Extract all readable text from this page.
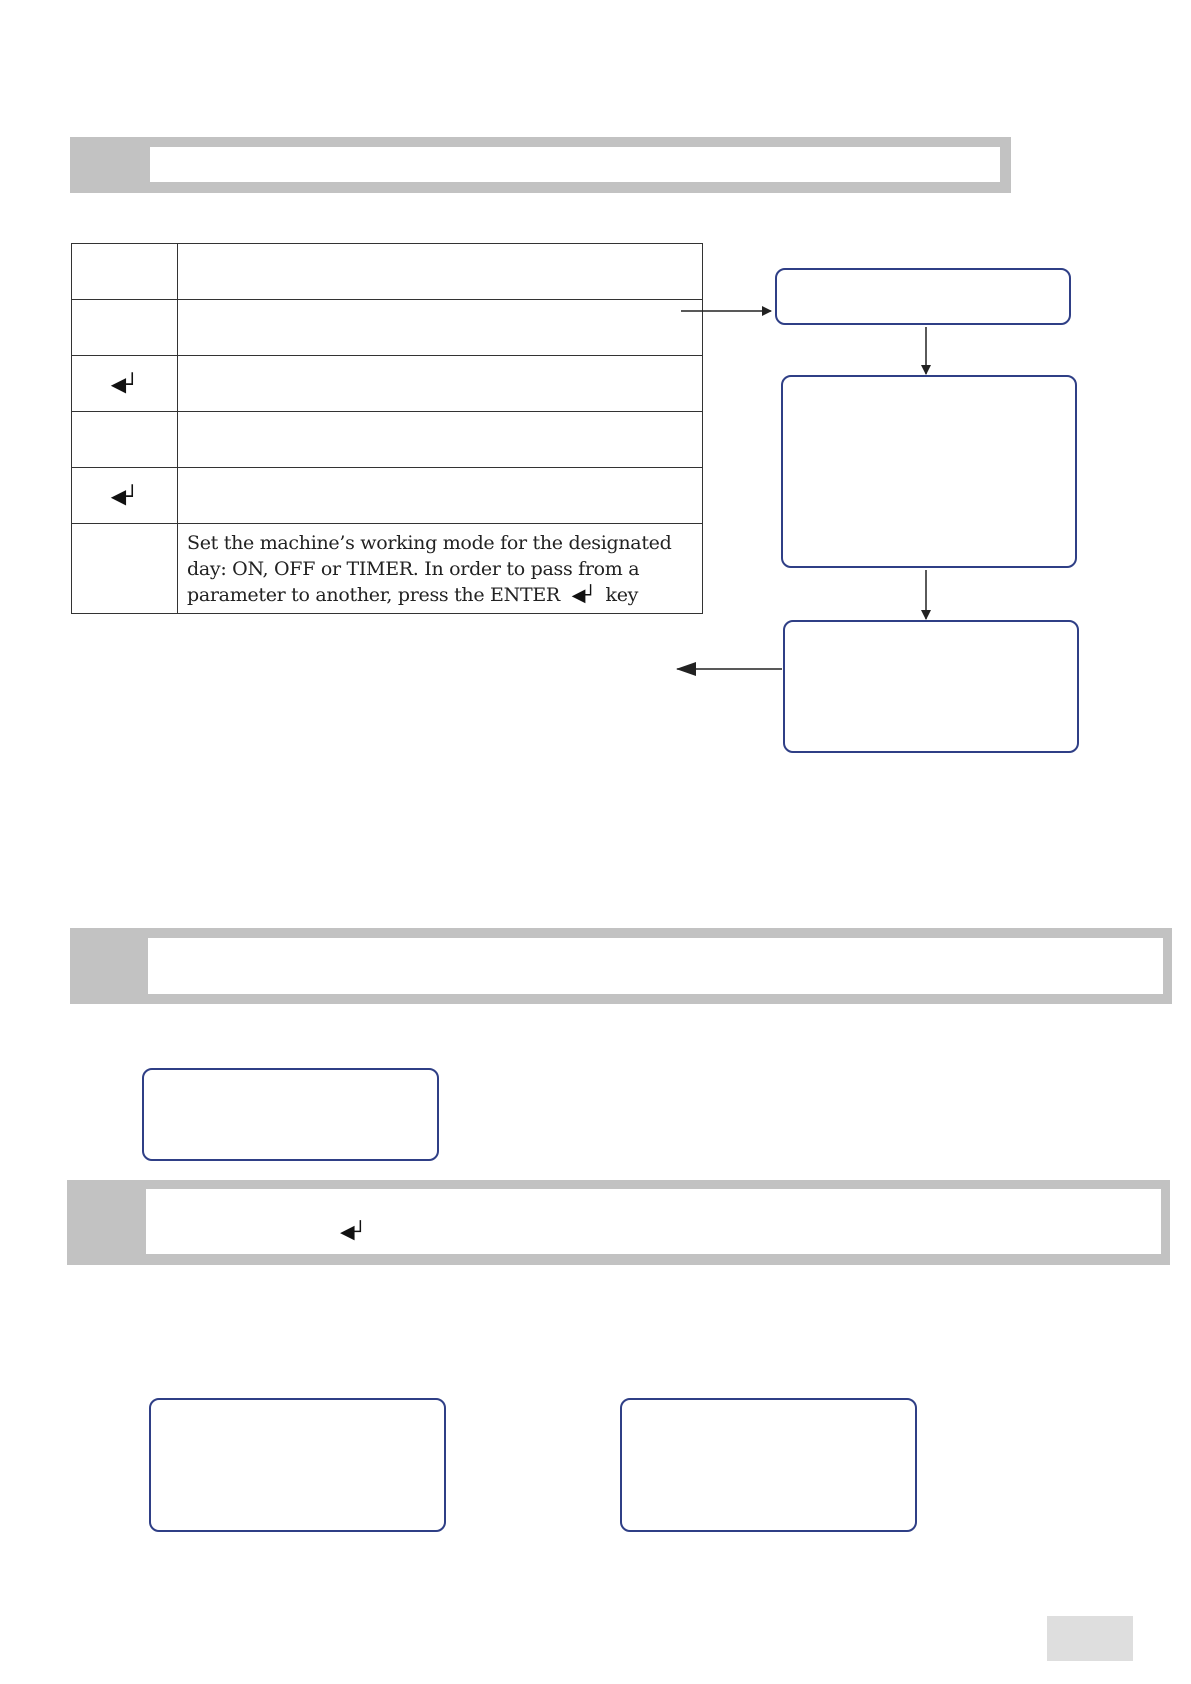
◀┘	

◀┘	

	Set the machine’s working mode for the designated day: ON, OFF or TIMER. In order to pass from a parameter to another, press the ENTER ◀┘ key
◀┘
